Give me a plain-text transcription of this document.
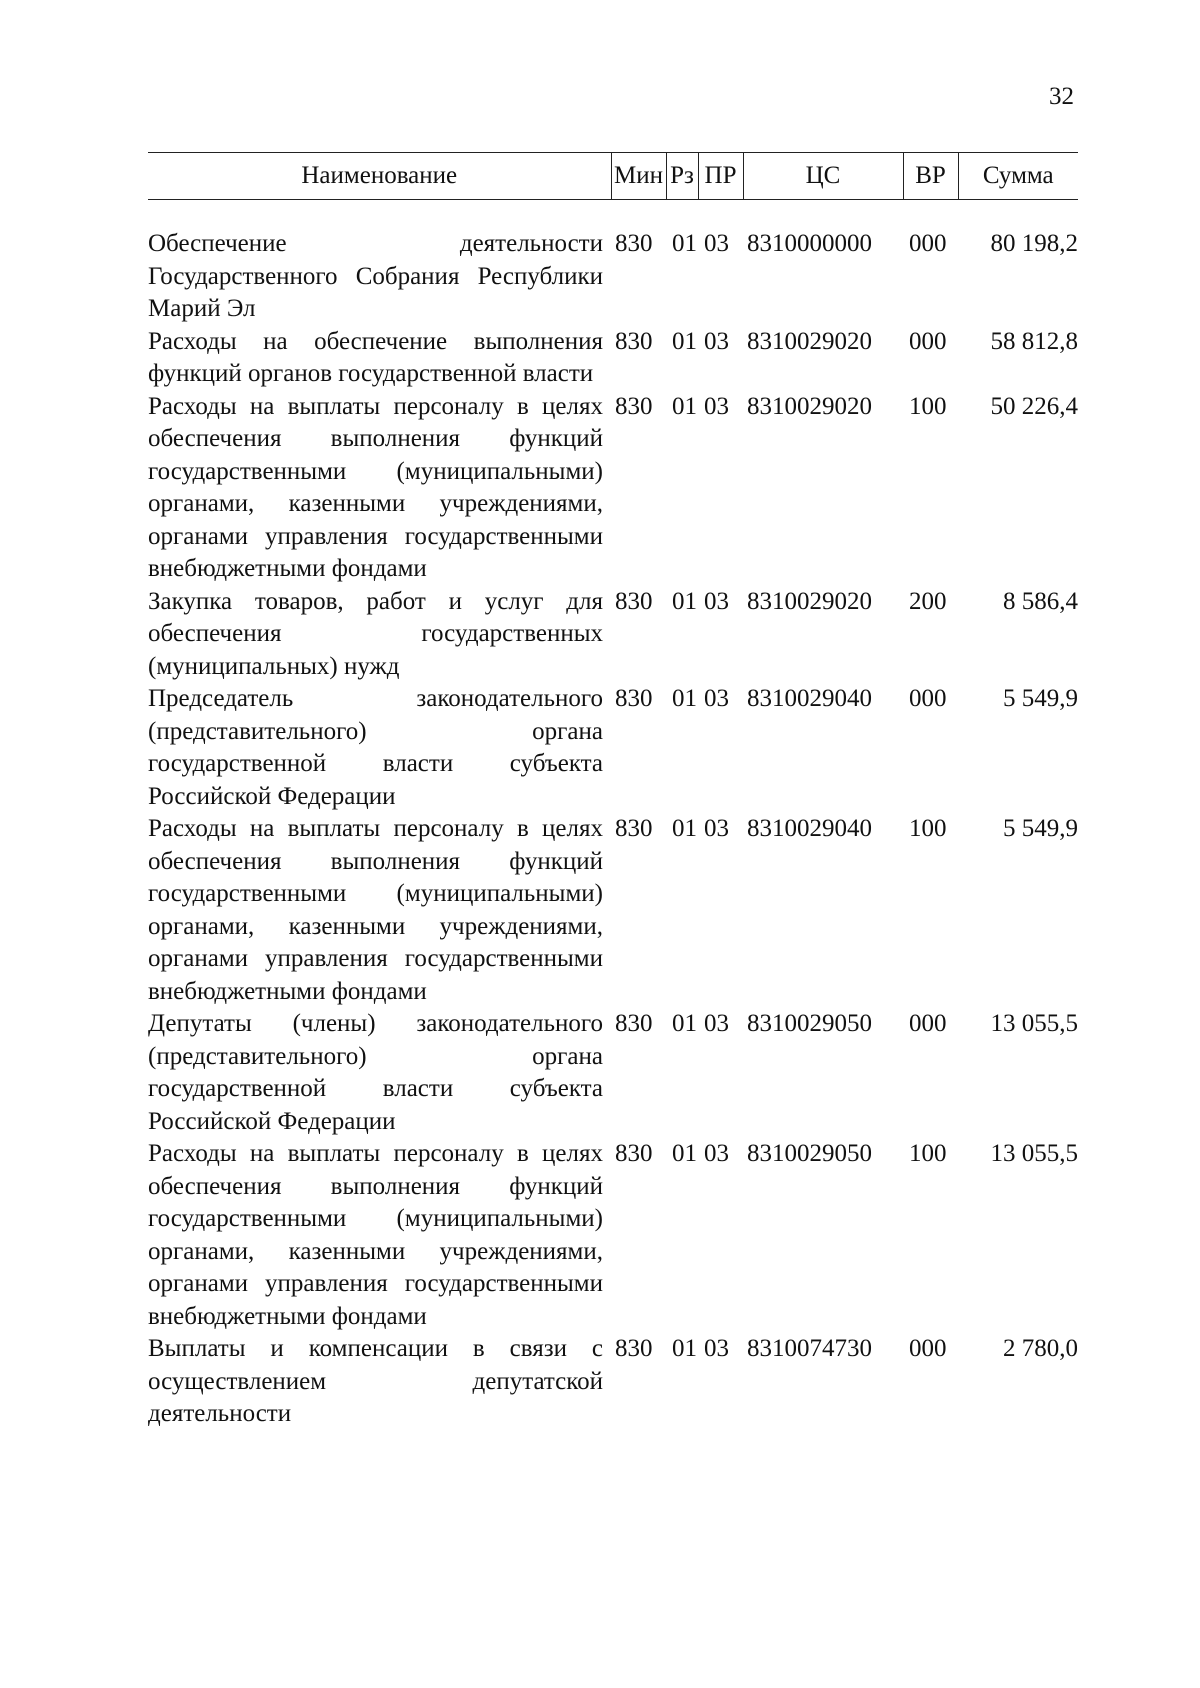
32
Наименование	Мин	Рз	ПР	ЦС	ВР	Сумма

Обеспечение деятельности Государственного Собрания Республики Марий Эл	830	01	03	8310000000	000	80 198,2
Расходы на обеспечение выполнения функций органов государственной власти	830	01	03	8310029020	000	58 812,8
Расходы на выплаты персоналу в целях обеспечения выполнения функций государственными (муниципальными) органами, казенными учреждениями, органами управления государственными внебюджетными фондами	830	01	03	8310029020	100	50 226,4
Закупка товаров, работ и услуг для обеспечения государственных (муниципальных) нужд	830	01	03	8310029020	200	8 586,4
Председатель законодательного (представительного) органа государственной власти субъекта Российской Федерации	830	01	03	8310029040	000	5 549,9
Расходы на выплаты персоналу в целях обеспечения выполнения функций государственными (муниципальными) органами, казенными учреждениями, органами управления государственными внебюджетными фондами	830	01	03	8310029040	100	5 549,9
Депутаты (члены) законодательного (представительного) органа государственной власти субъекта Российской Федерации	830	01	03	8310029050	000	13 055,5
Расходы на выплаты персоналу в целях обеспечения выполнения функций государственными (муниципальными) органами, казенными учреждениями, органами управления государственными внебюджетными фондами	830	01	03	8310029050	100	13 055,5
Выплаты и компенсации в связи с осуществлением депутатской деятельности	830	01	03	8310074730	000	2 780,0
